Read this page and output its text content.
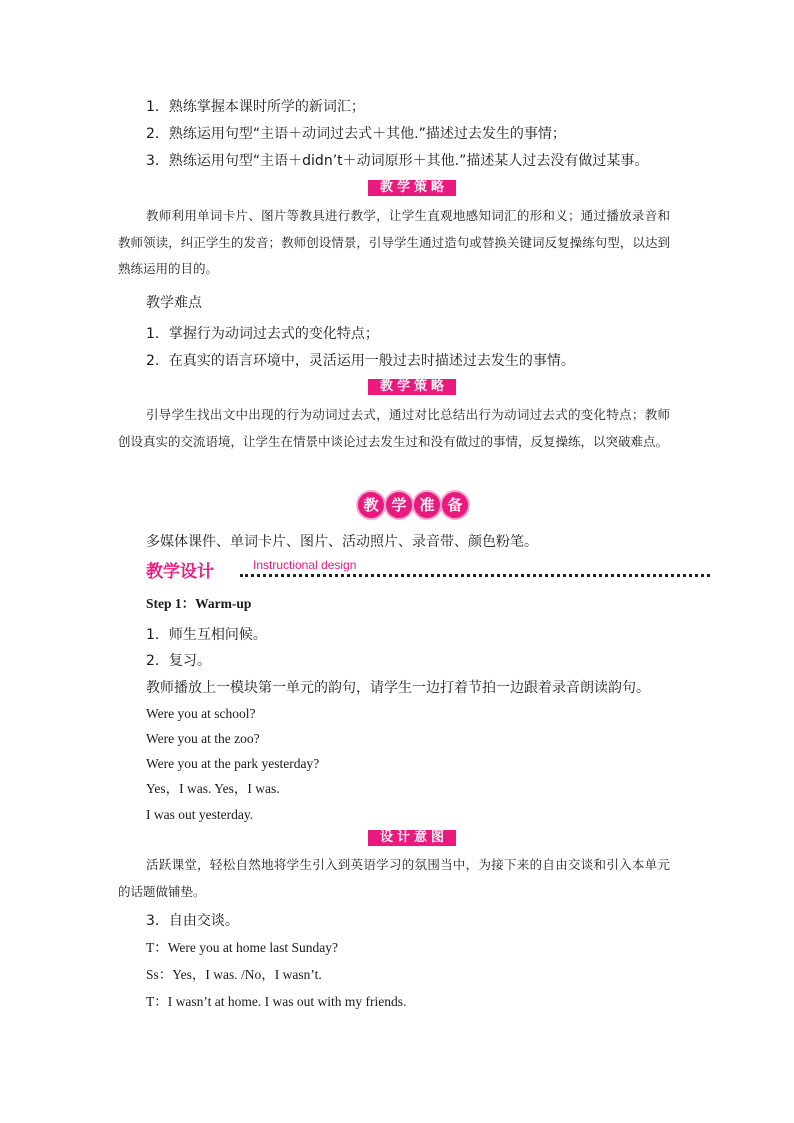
1．熟练掌握本课时所学的新词汇；
2．熟练运用句型“主语＋动词过去式＋其他.”描述过去发生的事情；
3．熟练运用句型“主语＋didn’t＋动词原形＋其他.”描述某人过去没有做过某事。
教学策略
教师利用单词卡片、图片等教具进行教学，让学生直观地感知词汇的形和义；通过播放录音和教师领读，纠正学生的发音；教师创设情景，引导学生通过造句或替换关键词反复操练句型，以达到熟练运用的目的。
教学难点
1．掌握行为动词过去式的变化特点；
2．在真实的语言环境中，灵活运用一般过去时描述过去发生的事情。
教学策略
引导学生找出文中出现的行为动词过去式，通过对比总结出行为动词过去式的变化特点；教师创设真实的交流语境，让学生在情景中谈论过去发生过和没有做过的事情，反复操练，以突破难点。
教 学 准 备
多媒体课件、单词卡片、图片、活动照片、录音带、颜色粉笔。
教学设计	Instructional design
Step 1：Warm-up
1．师生互相问候。
2．复习。
教师播放上一模块第一单元的韵句，请学生一边打着节拍一边跟着录音朗读韵句。
Were you at school?
Were you at the zoo?
Were you at the park yesterday?
Yes，I was. Yes，I was.
I was out yesterday.
设计意图
活跃课堂，轻松自然地将学生引入到英语学习的氛围当中，为接下来的自由交谈和引入本单元的话题做铺垫。
3．自由交谈。
T：Were you at home last Sunday?
Ss：Yes，I was. /No，I wasn’t.
T：I wasn’t at home. I was out with my friends.
